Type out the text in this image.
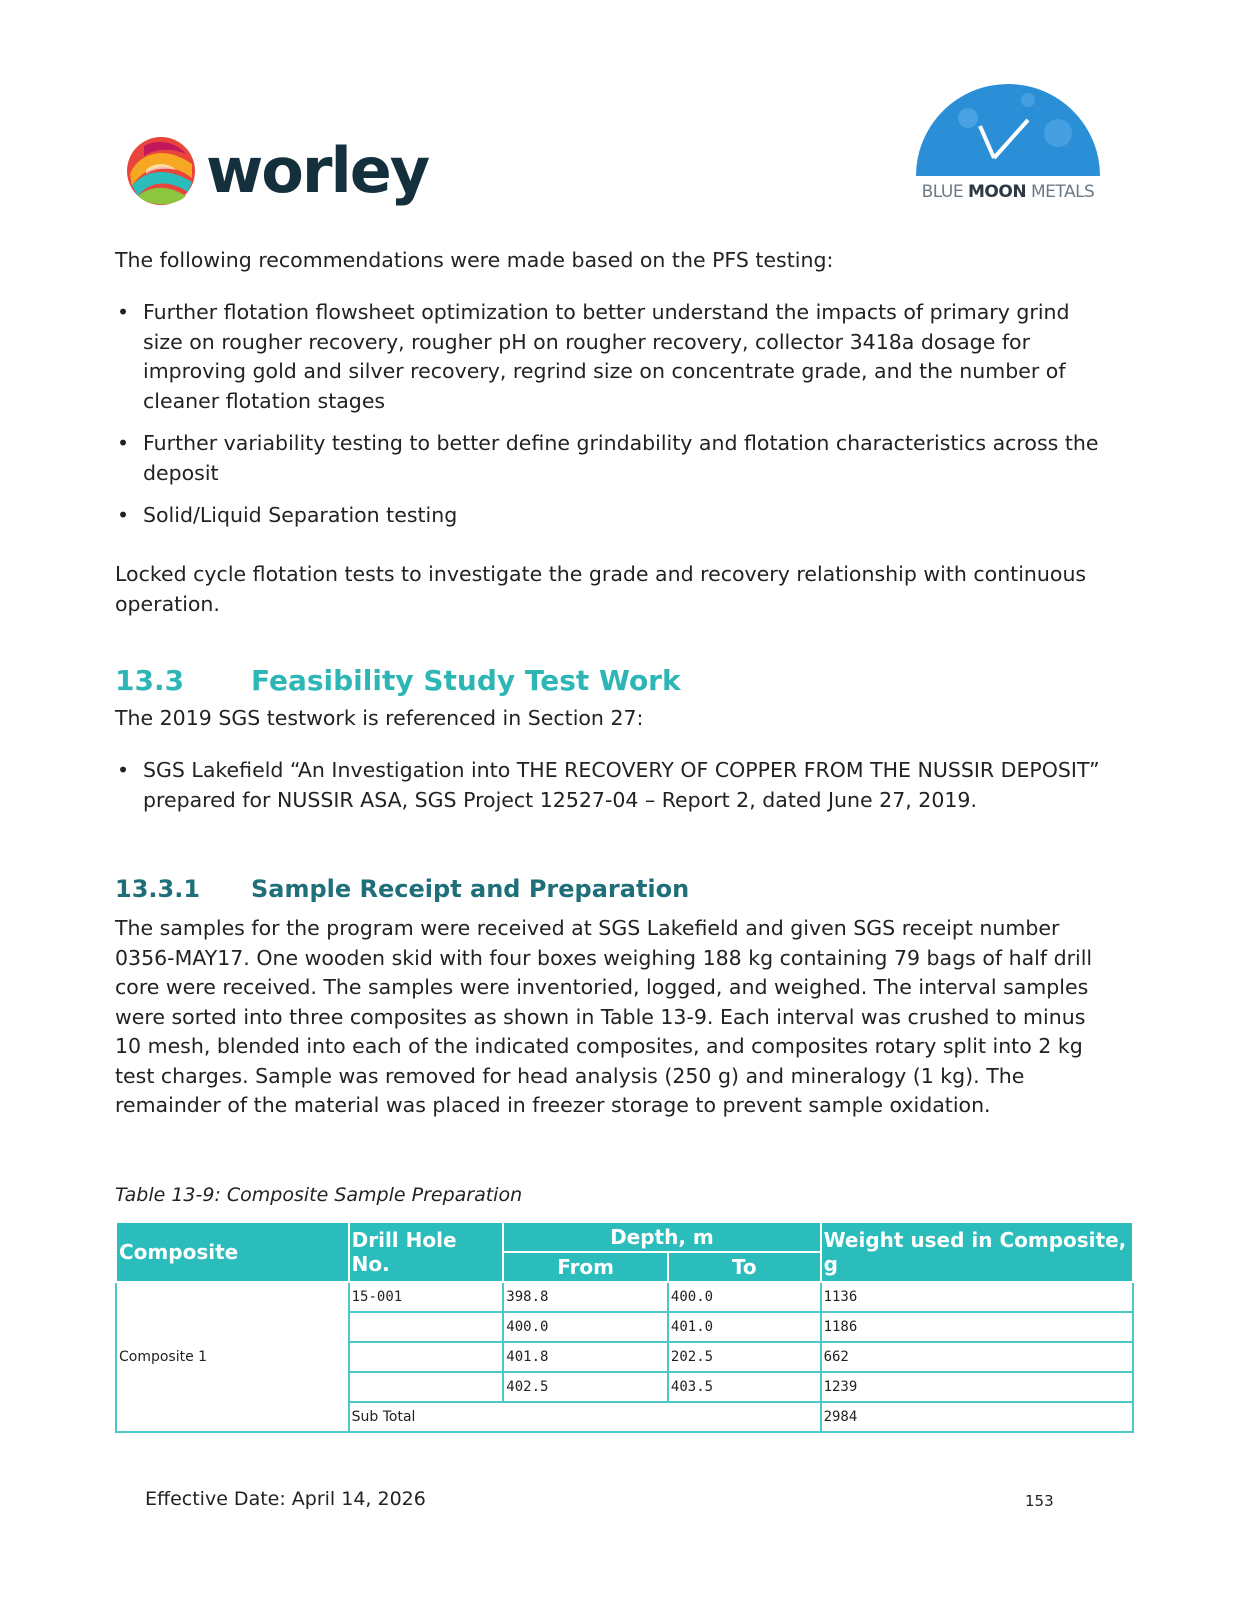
worley	BLUE MOON METALS

The following recommendations were made based on the PFS testing:

• Further flotation flowsheet optimization to better understand the impacts of primary grind size on rougher recovery, rougher pH on rougher recovery, collector 3418a dosage for improving gold and silver recovery, regrind size on concentrate grade, and the number of cleaner flotation stages
• Further variability testing to better define grindability and flotation characteristics across the deposit
• Solid/Liquid Separation testing

Locked cycle flotation tests to investigate the grade and recovery relationship with continuous operation.

13.3 Feasibility Study Test Work

The 2019 SGS testwork is referenced in Section 27:

• SGS Lakefield “An Investigation into THE RECOVERY OF COPPER FROM THE NUSSIR DEPOSIT” prepared for NUSSIR ASA, SGS Project 12527-04 – Report 2, dated June 27, 2019.
13.3.1 Sample Receipt and Preparation

The samples for the program were received at SGS Lakefield and given SGS receipt number 0356-MAY17. One wooden skid with four boxes weighing 188 kg containing 79 bags of half drill core were received. The samples were inventoried, logged, and weighed. The interval samples were sorted into three composites as shown in Table 13-9. Each interval was crushed to minus 10 mesh, blended into each of the indicated composites, and composites rotary split into 2 kg test charges. Sample was removed for head analysis (250 g) and mineralogy (1 kg). The remainder of the material was placed in freezer storage to prevent sample oxidation.

Table 13-9: Composite Sample Preparation
Composite	Drill Hole No.	Depth, m		Weight used in Composite, g
		From	To	
Composite 1	15-001	398.8	400.0	1136
		400.0	401.0	1186
		401.8	202.5	662
		402.5	403.5	1239
	Sub Total			2984
Effective Date: April 14, 2026	153
